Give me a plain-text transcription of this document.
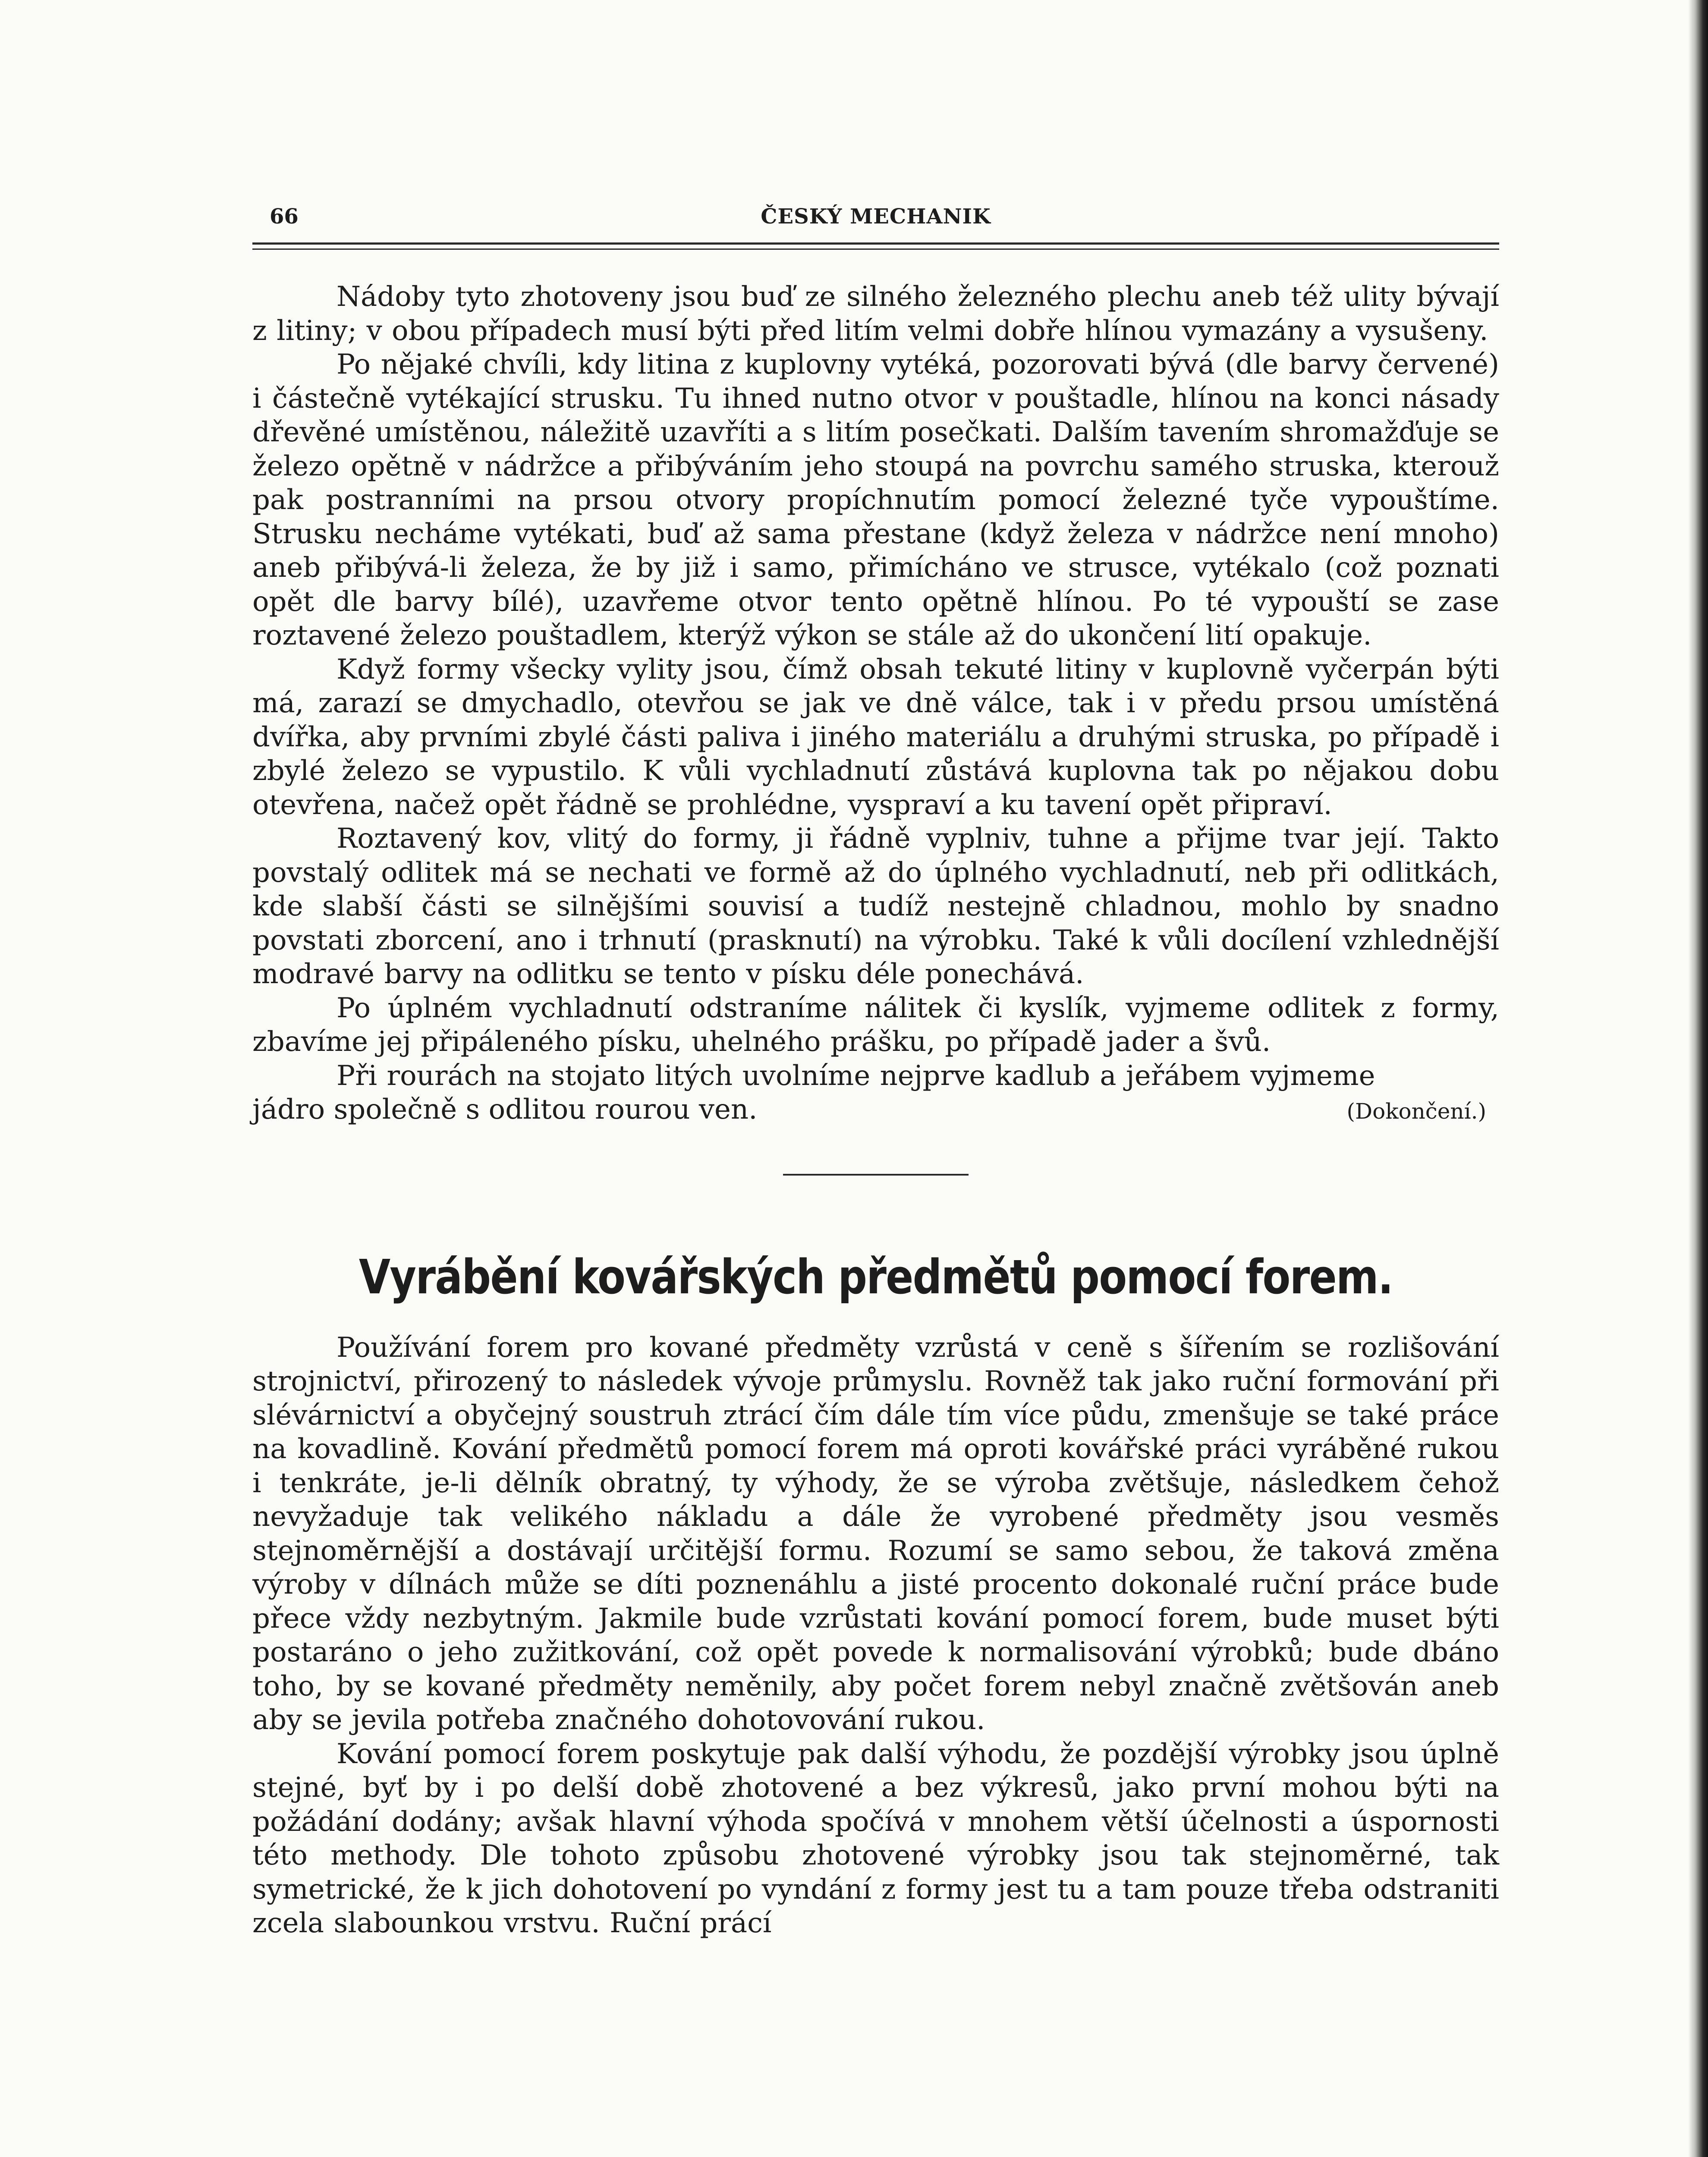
66	ČESKÝ MECHANIK

Nádoby tyto zhotoveny jsou buď ze silného železného plechu aneb též ulity bývají z litiny; v obou případech musí býti před litím velmi dobře hlínou vymazány a vysušeny.

Po nějaké chvíli, kdy litina z kuplovny vytéká, pozorovati bývá (dle barvy červené) i částečně vytékající strusku. Tu ihned nutno otvor v pouštadle, hlínou na konci násady dřevěné umístěnou, náležitě uzavříti a s litím posečkati. Dalším tavením shromažďuje se železo opětně v nádržce a přibýváním jeho stoupá na povrchu samého struska, kterouž pak postranními na prsou otvory propíchnutím pomocí železné tyče vypouštíme. Strusku necháme vytékati, buď až sama přestane (když železa v nádržce není mnoho) aneb přibývá-li železa, že by již i samo, přimícháno ve strusce, vytékalo (což poznati opět dle barvy bílé), uzavřeme otvor tento opětně hlínou. Po té vypouští se zase roztavené železo pouštadlem, kterýž výkon se stále až do ukončení lití opakuje.

Když formy všecky vylity jsou, čímž obsah tekuté litiny v kuplovně vyčerpán býti má, zarazí se dmychadlo, otevřou se jak ve dně válce, tak i v předu prsou umístěná dvířka, aby prvními zbylé části paliva i jiného materiálu a druhými struska, po případě i zbylé železo se vypustilo. K vůli vychladnutí zůstává kuplovna tak po nějakou dobu otevřena, načež opět řádně se prohlédne, vyspraví a ku tavení opět připraví.

Roztavený kov, vlitý do formy, ji řádně vyplniv, tuhne a přijme tvar její. Takto povstalý odlitek má se nechati ve formě až do úplného vychladnutí, neb při odlitkách, kde slabší části se silnějšími souvisí a tudíž nestejně chladnou, mohlo by snadno povstati zborcení, ano i trhnutí (prasknutí) na výrobku. Také k vůli docílení vzhlednější modravé barvy na odlitku se tento v písku déle ponechává.

Po úplném vychladnutí odstraníme nálitek či kyslík, vyjmeme odlitek z formy, zbavíme jej připáleného písku, uhelného prášku, po případě jader a švů.

Při rourách na stojato litých uvolníme nejprve kadlub a jeřábem vyjmeme

jádro společně s odlitou rourou ven.	(Dokončení.)
Vyrábění kovářských předmětů pomocí forem.

Používání forem pro kované předměty vzrůstá v ceně s šířením se rozlišování strojnictví, přirozený to následek vývoje průmyslu. Rovněž tak jako ruční formování při slévárnictví a obyčejný soustruh ztrácí čím dále tím více půdu, zmenšuje se také práce na kovadlině. Kování předmětů pomocí forem má oproti kovářské práci vyráběné rukou i tenkráte, je-li dělník obratný, ty výhody, že se výroba zvětšuje, následkem čehož nevyžaduje tak velikého nákladu a dále že vyrobené předměty jsou vesměs stejnoměrnější a dostávají určitější formu. Rozumí se samo sebou, že taková změna výroby v dílnách může se díti poznenáhlu a jisté procento dokonalé ruční práce bude přece vždy nezbytným. Jakmile bude vzrůstati kování pomocí forem, bude muset býti postaráno o jeho zužitkování, což opět povede k normalisování výrobků; bude dbáno toho, by se kované předměty neměnily, aby počet forem nebyl značně zvětšován aneb aby se jevila potřeba značného dohotovování rukou.

Kování pomocí forem poskytuje pak další výhodu, že pozdější výrobky jsou úplně stejné, byť by i po delší době zhotovené a bez výkresů, jako první mohou býti na požádání dodány; avšak hlavní výhoda spočívá v mnohem větší účelnosti a úspornosti této methody. Dle tohoto způsobu zhotovené výrobky jsou tak stejnoměrné, tak symetrické, že k jich dohotovení po vyndání z formy jest tu a tam pouze třeba odstraniti zcela slabounkou vrstvu. Ruční prácí
